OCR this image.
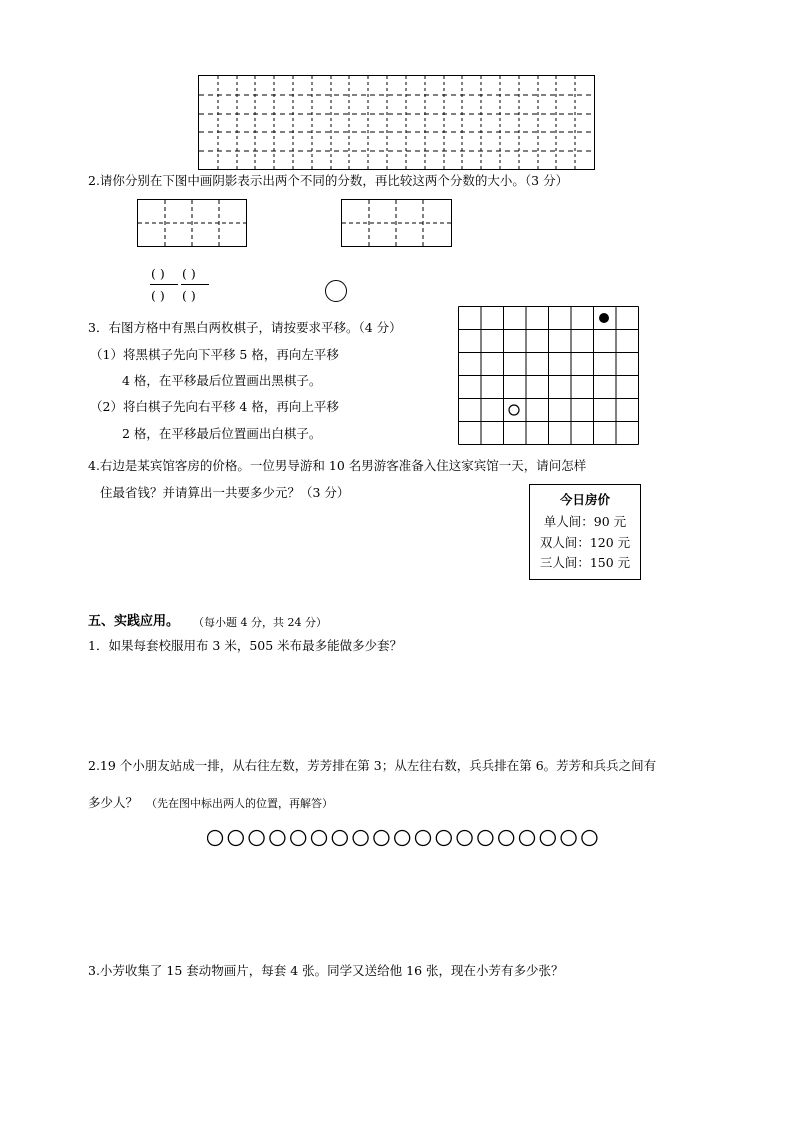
2.请你分别在下图中画阴影表示出两个不同的分数，再比较这两个分数的大小。（3 分）
( )
( )
( )
( )
3．右图方格中有黑白两枚棋子，请按要求平移。（4 分）
（1）将黑棋子先向下平移 5 格，再向左平移
4 格，在平移最后位置画出黑棋子。
（2）将白棋子先向右平移 4 格，再向上平移
2 格，在平移最后位置画出白棋子。
4.右边是某宾馆客房的价格。一位男导游和 10 名男游客准备入住这家宾馆一天，请问怎样
住最省钱？并请算出一共要多少元？（3 分）	今日房价
单人间：90 元
双人间：120 元
三人间：150 元
五、实践应用。 （每小题 4 分，共 24 分）
1．如果每套校服用布 3 米，505 米布最多能做多少套？
2.19 个小朋友站成一排，从右往左数，芳芳排在第 3；从左往右数，兵兵排在第 6。芳芳和兵兵之间有
多少人？ （先在图中标出两人的位置，再解答）
3.小芳收集了 15 套动物画片，每套 4 张。同学又送给他 16 张，现在小芳有多少张？
